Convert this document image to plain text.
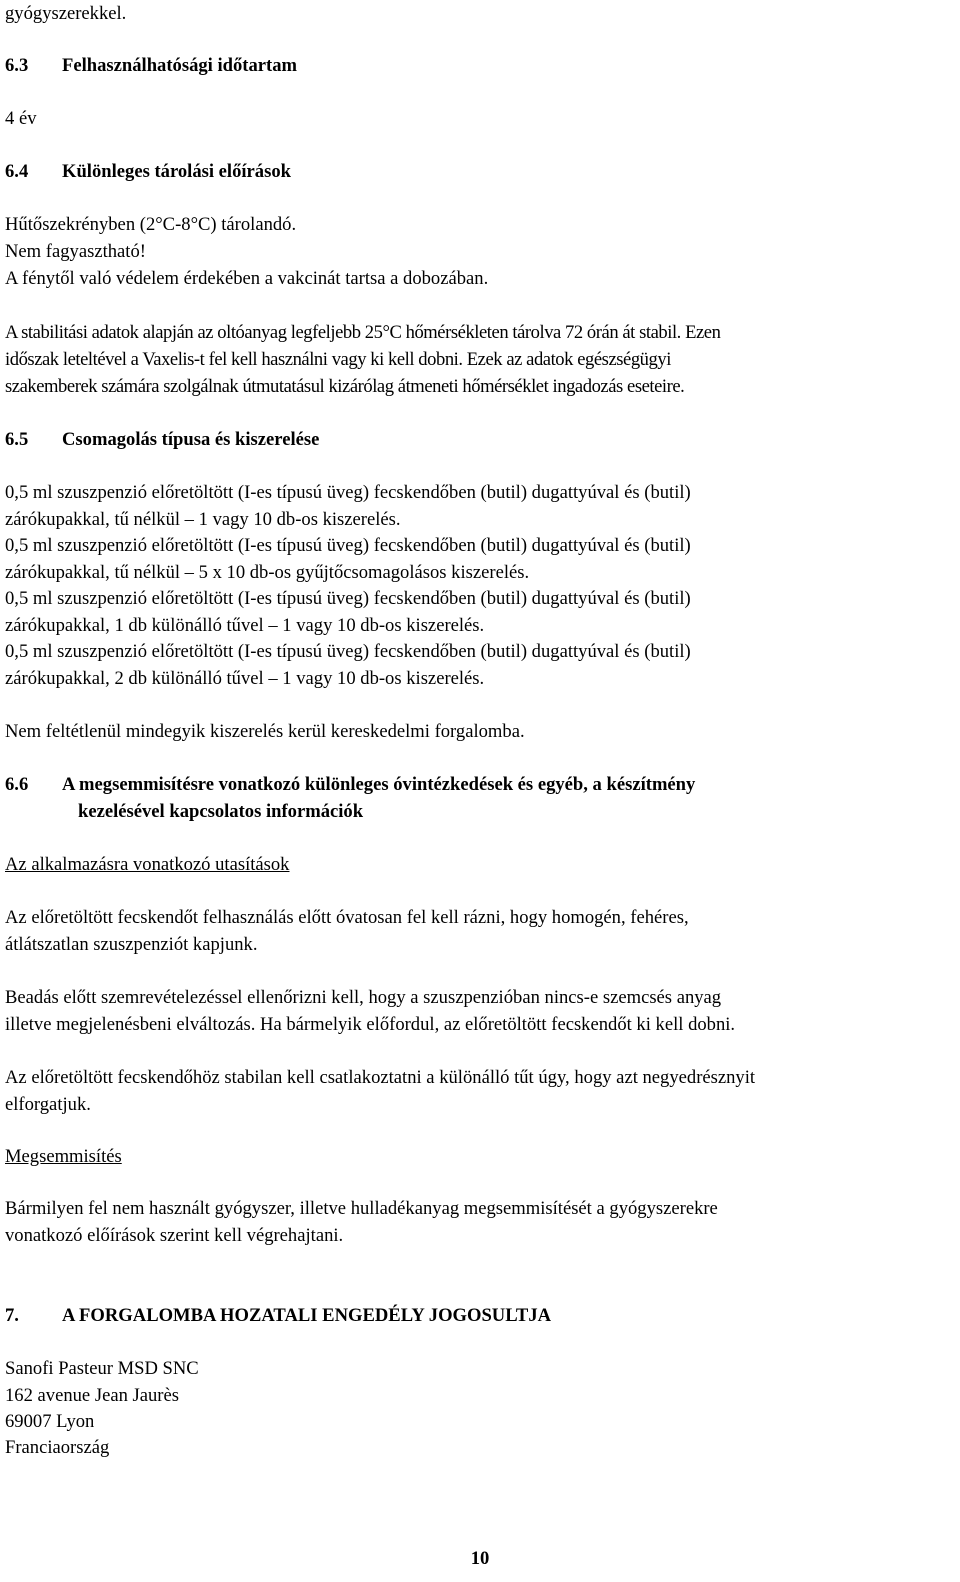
gyógyszerekkel.
6.3 Felhasználhatósági időtartam
4 év
6.4 Különleges tárolási előírások
Hűtőszekrényben (2°C-8°C) tárolandó.
Nem fagyasztható!
A fénytől való védelem érdekében a vakcinát tartsa a dobozában.
A stabilitási adatok alapján az oltóanyag legfeljebb 25°C hőmérsékleten tárolva 72 órán át stabil. Ezen
időszak leteltével a Vaxelis-t fel kell használni vagy ki kell dobni. Ezek az adatok egészségügyi
szakemberek számára szolgálnak útmutatásul kizárólag átmeneti hőmérséklet ingadozás eseteire.
6.5 Csomagolás típusa és kiszerelése
0,5 ml szuszpenzió előretöltött (I-es típusú üveg) fecskendőben (butil) dugattyúval és (butil)
zárókupakkal, tű nélkül – 1 vagy 10 db-os kiszerelés.
0,5 ml szuszpenzió előretöltött (I-es típusú üveg) fecskendőben (butil) dugattyúval és (butil)
zárókupakkal, tű nélkül – 5 x 10 db-os gyűjtőcsomagolásos kiszerelés.
0,5 ml szuszpenzió előretöltött (I-es típusú üveg) fecskendőben (butil) dugattyúval és (butil)
zárókupakkal, 1 db különálló tűvel – 1 vagy 10 db-os kiszerelés.
0,5 ml szuszpenzió előretöltött (I-es típusú üveg) fecskendőben (butil) dugattyúval és (butil)
zárókupakkal, 2 db különálló tűvel – 1 vagy 10 db-os kiszerelés.
Nem feltétlenül mindegyik kiszerelés kerül kereskedelmi forgalomba.
6.6 A megsemmisítésre vonatkozó különleges óvintézkedések és egyéb, a készítmény
kezelésével kapcsolatos információk
Az alkalmazásra vonatkozó utasítások
Az előretöltött fecskendőt felhasználás előtt óvatosan fel kell rázni, hogy homogén, fehéres,
átlátszatlan szuszpenziót kapjunk.
Beadás előtt szemrevételezéssel ellenőrizni kell, hogy a szuszpenzióban nincs-e szemcsés anyag
illetve megjelenésbeni elváltozás. Ha bármelyik előfordul, az előretöltött fecskendőt ki kell dobni.
Az előretöltött fecskendőhöz stabilan kell csatlakoztatni a különálló tűt úgy, hogy azt negyedrésznyit
elforgatjuk.
Megsemmisítés
Bármilyen fel nem használt gyógyszer, illetve hulladékanyag megsemmisítését a gyógyszerekre
vonatkozó előírások szerint kell végrehajtani.
7. A FORGALOMBA HOZATALI ENGEDÉLY JOGOSULTJA
Sanofi Pasteur MSD SNC
162 avenue Jean Jaurès
69007 Lyon
Franciaország
10
